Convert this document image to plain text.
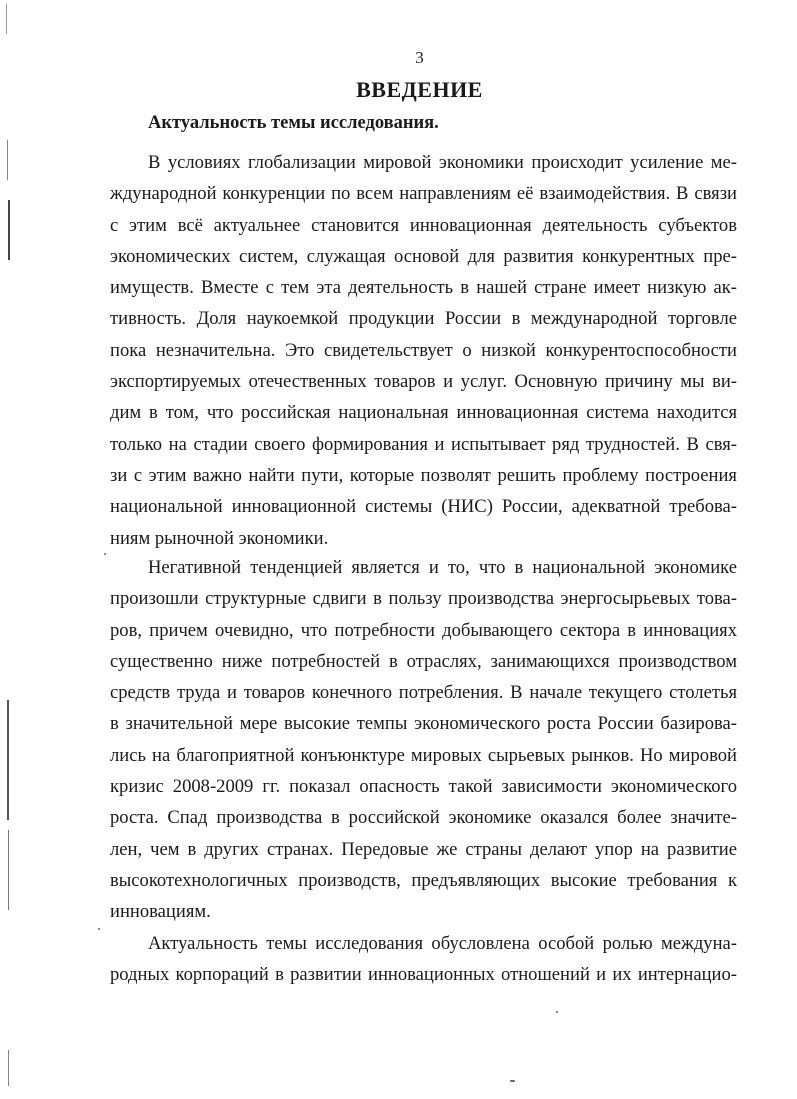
3
ВВЕДЕНИЕ
Актуальность темы исследования.
В условиях глобализации мировой экономики происходит усиление ме-
ждународной конкуренции по всем направлениям её взаимодействия. В связи
с этим всё актуальнее становится инновационная деятельность субъектов
экономических систем, служащая основой для развития конкурентных пре-
имуществ. Вместе с тем эта деятельность в нашей стране имеет низкую ак-
тивность. Доля наукоемкой продукции России в международной торговле
пока незначительна. Это свидетельствует о низкой конкурентоспособности
экспортируемых отечественных товаров и услуг. Основную причину мы ви-
дим в том, что российская национальная инновационная система находится
только на стадии своего формирования и испытывает ряд трудностей. В свя-
зи с этим важно найти пути, которые позволят решить проблему построения
национальной инновационной системы (НИС) России, адекватной требова-
ниям рыночной экономики.
Негативной тенденцией является и то, что в национальной экономике
произошли структурные сдвиги в пользу производства энергосырьевых това-
ров, причем очевидно, что потребности добывающего сектора в инновациях
существенно ниже потребностей в отраслях, занимающихся производством
средств труда и товаров конечного потребления. В начале текущего столетья
в значительной мере высокие темпы экономического роста России базирова-
лись на благоприятной конъюнктуре мировых сырьевых рынков. Но мировой
кризис 2008-2009 гг. показал опасность такой зависимости экономического
роста. Спад производства в российской экономике оказался более значите-
лен, чем в других странах. Передовые же страны делают упор на развитие
высокотехнологичных производств, предъявляющих высокие требования к
инновациям.
Актуальность темы исследования обусловлена особой ролью междуна-
родных корпораций в развитии инновационных отношений и их интернацио-
